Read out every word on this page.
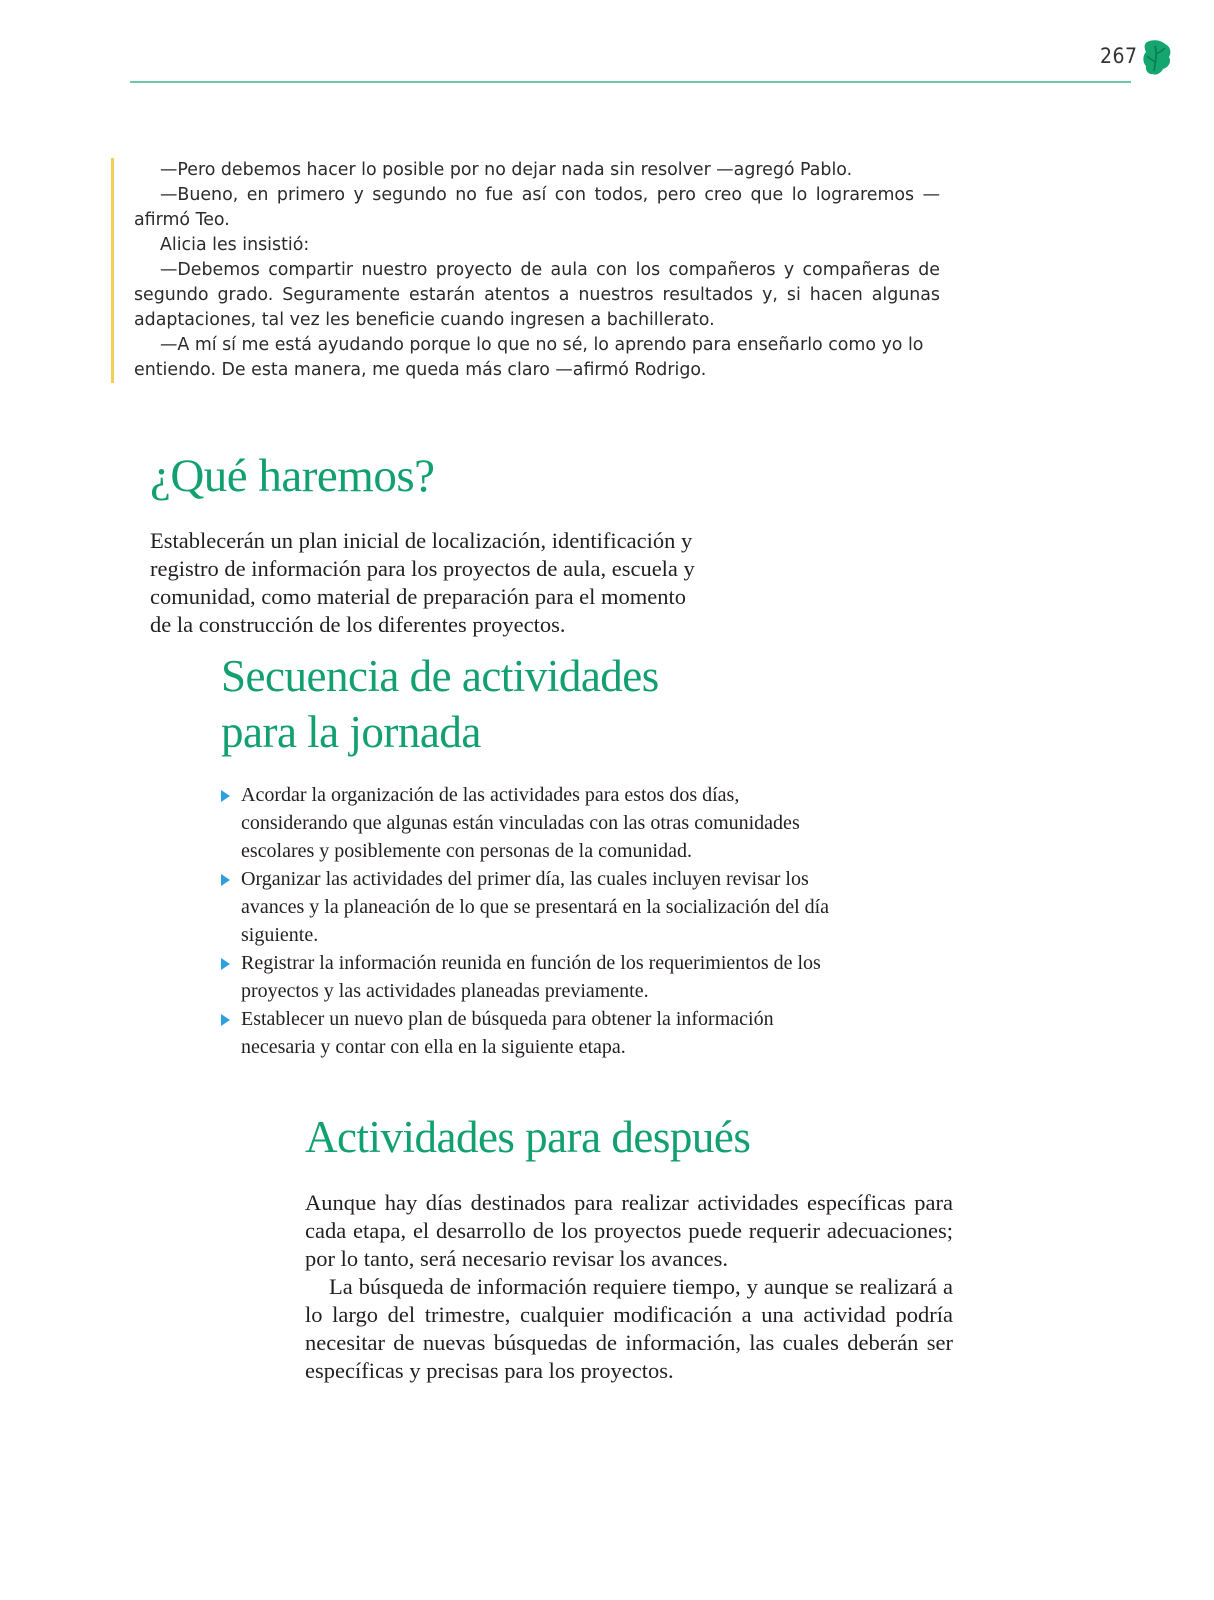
267

—Pero debemos hacer lo posible por no dejar nada sin resolver —agregó Pablo.

—Bueno, en primero y segundo no fue así con todos, pero creo que lo lograremos —afirmó Teo.

Alicia les insistió:

—Debemos compartir nuestro proyecto de aula con los compañeros y compañeras de segundo grado. Seguramente estarán atentos a nuestros resultados y, si hacen algunas adaptaciones, tal vez les beneficie cuando ingresen a bachillerato.

—A mí sí me está ayudando porque lo que no sé, lo aprendo para enseñarlo como yo lo entiendo. De esta manera, me queda más claro —afirmó Rodrigo.

¿Qué haremos?

Establecerán un plan inicial de localización, identificación y registro de información para los proyectos de aula, escuela y comunidad, como material de preparación para el momento de la construcción de los diferentes proyectos.

Secuencia de actividades
para la jornada
Acordar la organización de las actividades para estos dos días, considerando que algunas están vinculadas con las otras comunidades escolares y posiblemente con personas de la comunidad.
Organizar las actividades del primer día, las cuales incluyen revisar los avances y la planeación de lo que se presentará en la socialización del día siguiente.
Registrar la información reunida en función de los requerimientos de los proyectos y las actividades planeadas previamente.
Establecer un nuevo plan de búsqueda para obtener la información necesaria y contar con ella en la siguiente etapa.
Actividades para después

Aunque hay días destinados para realizar actividades específicas para cada etapa, el desarrollo de los proyectos puede requerir adecuaciones; por lo tanto, será necesario revisar los avances.

La búsqueda de información requiere tiempo, y aunque se realizará a lo largo del trimestre, cualquier modificación a una actividad podría necesitar de nuevas búsquedas de información, las cuales deberán ser específicas y precisas para los proyectos.
